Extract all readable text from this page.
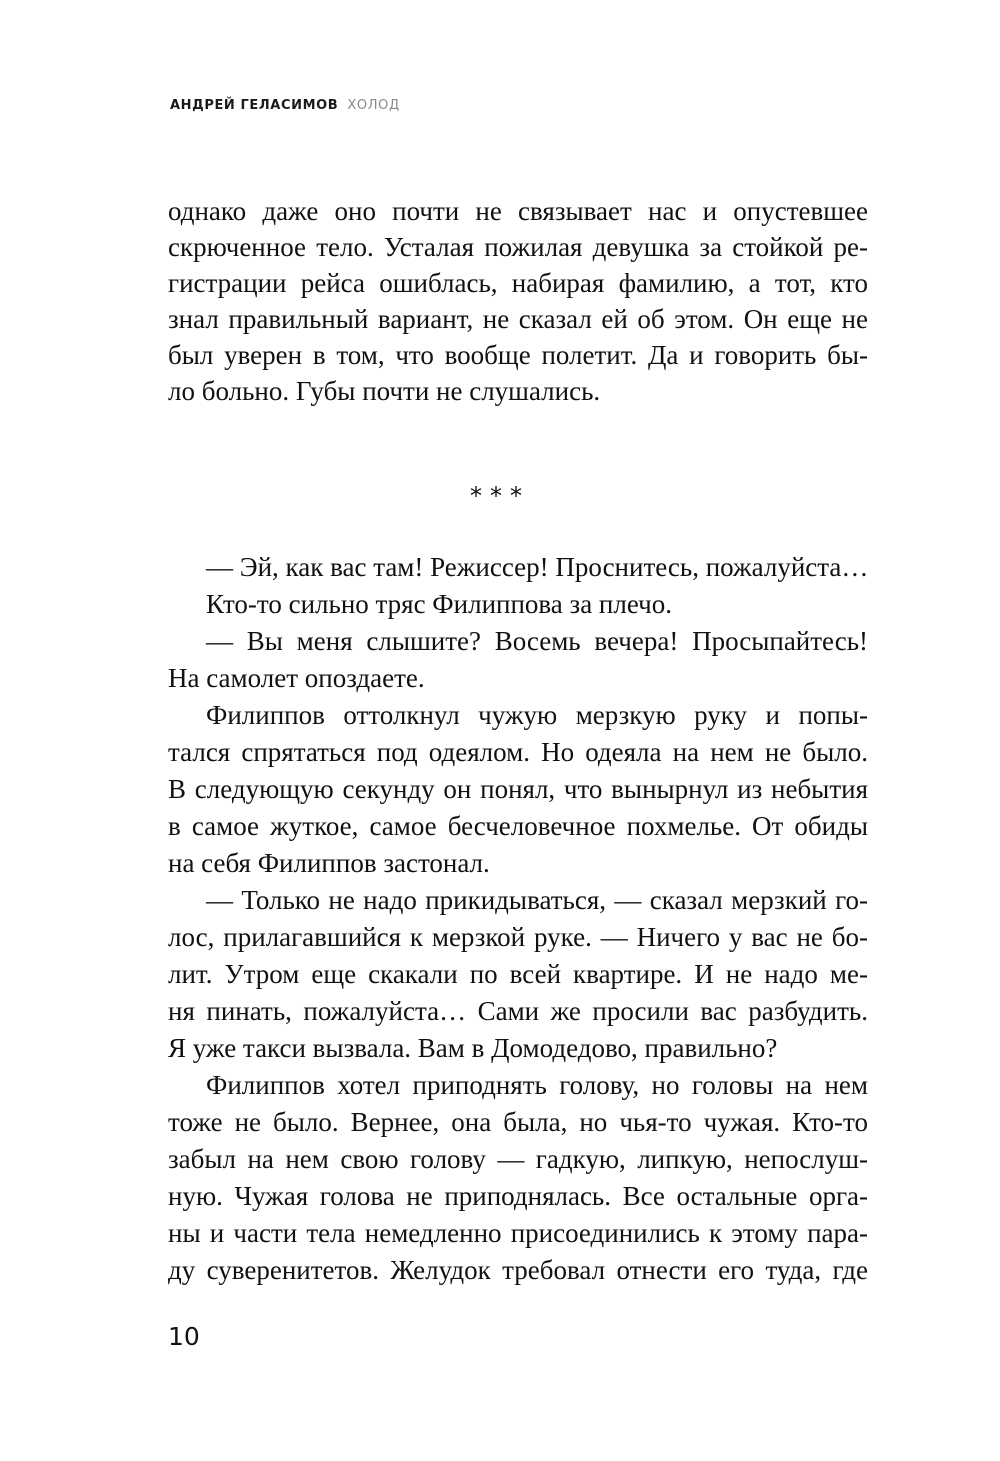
АНДРЕЙ ГЕЛАСИМОВ ХОЛОД
однако даже оно почти не связывает нас и опустевшее
скрюченное тело. Усталая пожилая девушка за стойкой ре-
гистрации рейса ошиблась, набирая фамилию, а тот, кто
знал правильный вариант, не сказал ей об этом. Он еще не
был уверен в том, что вообще полетит. Да и говорить бы-
ло больно. Губы почти не слушались.
***
— Эй, как вас там! Режиссер! Проснитесь, пожалуйста…
Кто-то сильно тряс Филиппова за плечо.
— Вы меня слышите? Восемь вечера! Просыпайтесь!
На самолет опоздаете.
Филиппов оттолкнул чужую мерзкую руку и попы-
тался спрятаться под одеялом. Но одеяла на нем не было.
В следующую секунду он понял, что вынырнул из небытия
в самое жуткое, самое бесчеловечное похмелье. От обиды
на себя Филиппов застонал.
— Только не надо прикидываться, — сказал мерзкий го-
лос, прилагавшийся к мерзкой руке. — Ничего у вас не бо-
лит. Утром еще скакали по всей квартире. И не надо ме-
ня пинать, пожалуйста… Сами же просили вас разбудить.
Я уже такси вызвала. Вам в Домодедово, правильно?
Филиппов хотел приподнять голову, но головы на нем
тоже не было. Вернее, она была, но чья-то чужая. Кто-то
забыл на нем свою голову — гадкую, липкую, непослуш-
ную. Чужая голова не приподнялась. Все остальные орга-
ны и части тела немедленно присоединились к этому пара-
ду суверенитетов. Желудок требовал отнести его туда, где
10
